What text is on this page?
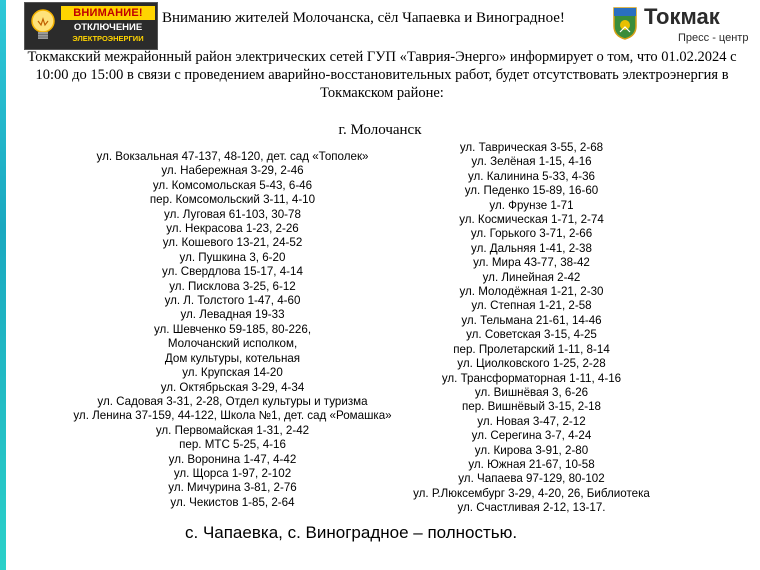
ВНИМАНИЕ!
ОТКЛЮЧЕНИЕ
ЭЛЕКТРОЭНЕРГИИ
Вниманию жителей Молочанска, сёл Чапаевка и Виноградное!	Токмак
Пресс - центр
Токмакский межрайонный район электрических сетей ГУП «Таврия-Энерго» информирует о том, что 01.02.2024 с 10:00 до 15:00 в связи с проведением аварийно-восстановительных работ, будет отсутствовать электроэнергия в Токмакском районе:
г. Молочанск
ул. Вокзальная 47-137, 48-120, дет. сад «Тополек»
ул. Набережная 3-29, 2-46
ул. Комсомольская 5-43, 6-46
пер. Комсомольский 3-11, 4-10
ул. Луговая 61-103, 30-78
ул. Некрасова 1-23, 2-26
ул. Кошевого 13-21, 24-52
ул. Пушкина 3, 6-20
ул. Свердлова 15-17, 4-14
ул. Писклова 3-25, 6-12
ул. Л. Толстого 1-47, 4-60
ул. Левадная 19-33
ул. Шевченко 59-185, 80-226,
Молочанский исполком,
Дом культуры, котельная
ул. Крупская 14-20
ул. Октябрьская 3-29, 4-34
ул. Садовая 3-31, 2-28, Отдел культуры и туризма
ул. Ленина 37-159, 44-122, Школа №1, дет. сад «Ромашка»
ул. Первомайская 1-31, 2-42
пер. МТС 5-25, 4-16
ул. Воронина 1-47, 4-42
ул. Щорса 1-97, 2-102
ул. Мичурина 3-81, 2-76
ул. Чекистов 1-85, 2-64
ул. Таврическая 3-55, 2-68
ул. Зелёная 1-15, 4-16
ул. Калинина 5-33, 4-36
ул. Педенко 15-89, 16-60
ул. Фрунзе 1-71
ул. Космическая 1-71, 2-74
ул. Горького 3-71, 2-66
ул. Дальняя 1-41, 2-38
ул. Мира 43-77, 38-42
ул. Линейная 2-42
ул. Молодёжная 1-21, 2-30
ул. Степная 1-21, 2-58
ул. Тельмана 21-61, 14-46
ул. Советская 3-15, 4-25
пер. Пролетарский 1-11, 8-14
ул. Циолковского 1-25, 2-28
ул. Трансформаторная 1-11, 4-16
ул. Вишнёвая 3, 6-26
пер. Вишнёвый 3-15, 2-18
ул. Новая 3-47, 2-12
ул. Серегина 3-7, 4-24
ул. Кирова 3-91, 2-80
ул. Южная 21-67, 10-58
ул. Чапаева 97-129, 80-102
ул. Р.Люксембург 3-29, 4-20, 26, Библиотека
ул. Счастливая 2-12, 13-17.
с. Чапаевка, с. Виноградное – полностью.
